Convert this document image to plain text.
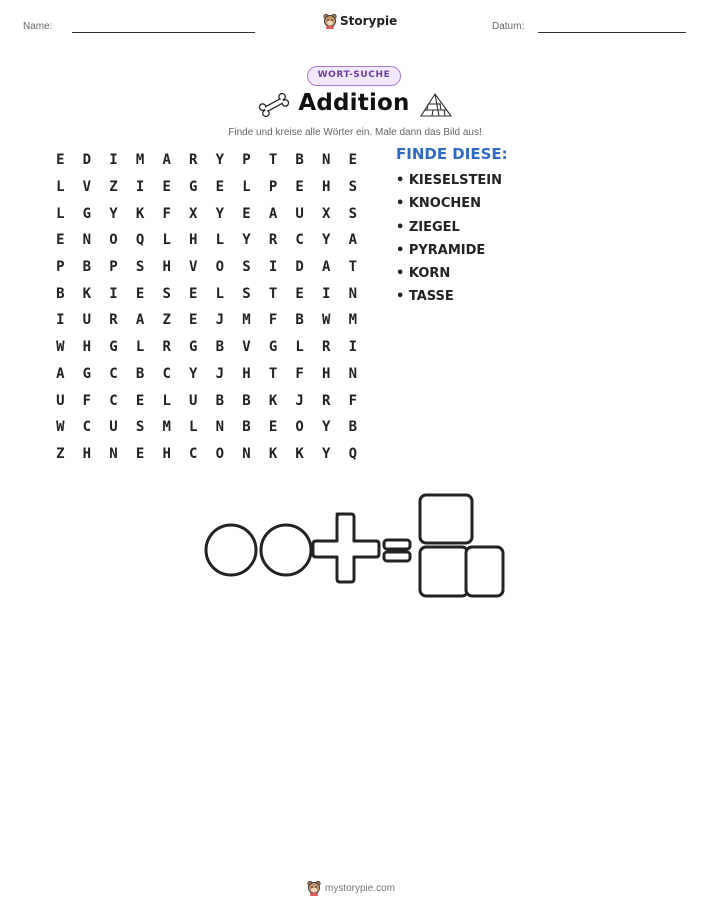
Name:	Storypie	Datum:
WORT-SUCHE
Addition
Finde und kreise alle Wörter ein. Male dann das Bild aus!
E	D	I	M	A	R	Y	P	T	B	N	E
L	V	Z	I	E	G	E	L	P	E	H	S
L	G	Y	K	F	X	Y	E	A	U	X	S
E	N	O	Q	L	H	L	Y	R	C	Y	A
P	B	P	S	H	V	O	S	I	D	A	T
B	K	I	E	S	E	L	S	T	E	I	N
I	U	R	A	Z	E	J	M	F	B	W	M
W	H	G	L	R	G	B	V	G	L	R	I
A	G	C	B	C	Y	J	H	T	F	H	N
U	F	C	E	L	U	B	B	K	J	R	F
W	C	U	S	M	L	N	B	E	O	Y	B
Z	H	N	E	H	C	O	N	K	K	Y	Q
FINDE DIESE:
• KIESELSTEIN
• KNOCHEN
• ZIEGEL
• PYRAMIDE
• KORN
• TASSE
mystorypie.com
